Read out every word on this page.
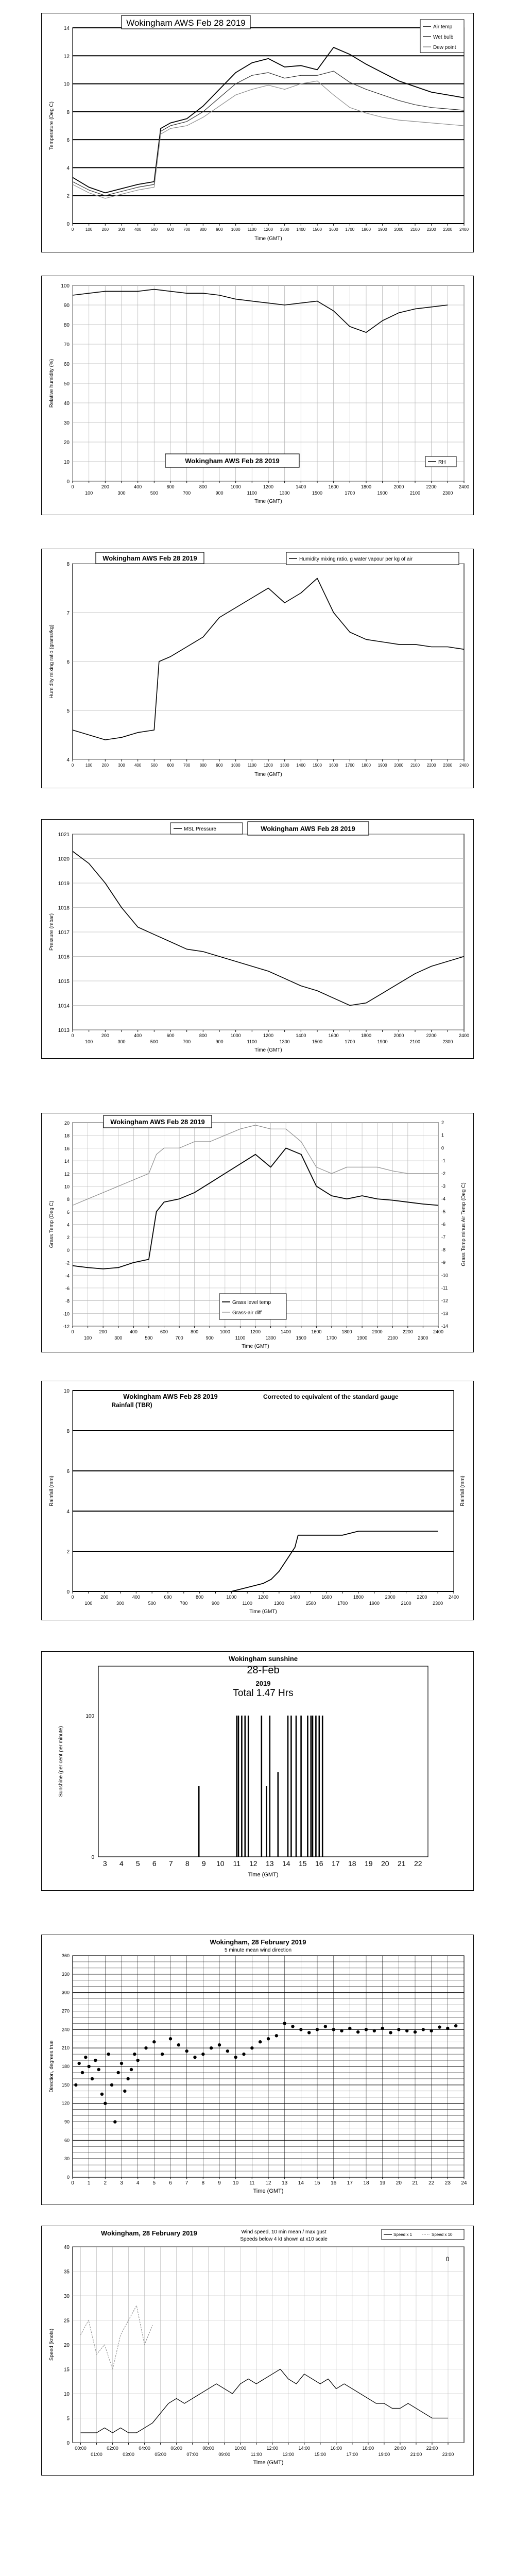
0
2
4
6
8
10
12
14
0	100 200 300 400 500 600 700 800 900 1000 1100 1200 1300 1400 1500 1600 1700 1800 1900 2000 2100 2200 2300 2400
Wokingham AWS Feb 28 2019	Air temp
Wet bulb
Dew point
Temperature (Deg C)
Time (GMT)
0
10
20
30
40
50
60
70
80
90
100
0
100
200
300
400
500
600
700
800
900
1000
1100
1200
1300
1400
1500
1600
1700
1800
1900
2000
2100
2200
2300
2400
Wokingham AWS Feb 28 2019	RH
Relative humidity (%)
Time (GMT)
4
5
6
7
8
0	100 200 300 400 500 600 700 800 900 1000 1100 1200 1300 1400 1500 1600 1700 1800 1900 2000 2100 2200 2300 2400
Wokingham AWS Feb 28 2019	Humidity mixing ratio, g water vapour per kg of air
Humidity mixing ratio (grams/kg)
Time (GMT)
1013
1014
1015
1016
1017
1018
1019
1020
1021
0
100
200
300
400
500
600
700
800
900
1000
1100
1200
1300
1400
1500
1600
1700
1800
1900
2000
2100
2200
2300
2400
MSL Pressure	Wokingham AWS Feb 28 2019
Pressure (mbar)
Time (GMT)
-12
-10
-8
-6
-4
-2
0
2
4
6
8
10
12
14
16
18
20
-14
-13
-12
-11
-10
-9
-8
-7
-6
-5
-4
-3
-2
-1
0
1
2
0
100
200
300
400
500
600
700
800
900
1000
1100
1200
1300
1400
1500
1600
1700
1800
1900
2000
2100
2200
2300
2400
Wokingham AWS Feb 28 2019
Grass level temp
Grass-air diff
Grass Temp (Deg C)	Grass Temp minus Air Temp (Deg C)
Time (GMT)
0
2
4
6
8
10
0
100
200
300
400
500
600
700
800
900
1000
1100
1200
1300
1400
1500
1600
1700
1800
1900
2000
2100
2200
2300
2400
Wokingham AWS Feb 28 2019
Rainfall (TBR)
Corrected to equivalent of the standard gauge
Rainfall (mm)	Rainfall (mm)
Time (GMT)
0
100
3 4 5 6 7 8 9 10 11 12 13 14 15 16 17 18 19 20 21 22
Wokingham sunshine
28-Feb
2019
Total 1.47 Hrs
Sunshine (per cent per minute)
Time (GMT)
0
30
60
90
120
150
180
210
240
270
300
330
360
0	1	2	3	4	5	6	7	8	9 10 11 12 13 14 15 16 17 18 19 20 21 22 23 24
Wokingham, 28 February 2019
5 minute mean wind direction
Direction, degrees true
Time (GMT)
0
5
10
15
20
25
30
35
40
00:00
01:00
02:00
03:00
04:00
05:00
06:00
07:00
08:00
09:00
10:00
11:00
12:00
13:00
14:00
15:00
16:00
17:00
18:00
19:00
20:00
21:00
22:00
23:00
Wokingham, 28 February 2019	Wind speed, 10 min mean / max gust
Speeds below 4 kt shown at x10 scale
Speed x 1	Speed x 10
0
Speed (knots)
Time (GMT)
